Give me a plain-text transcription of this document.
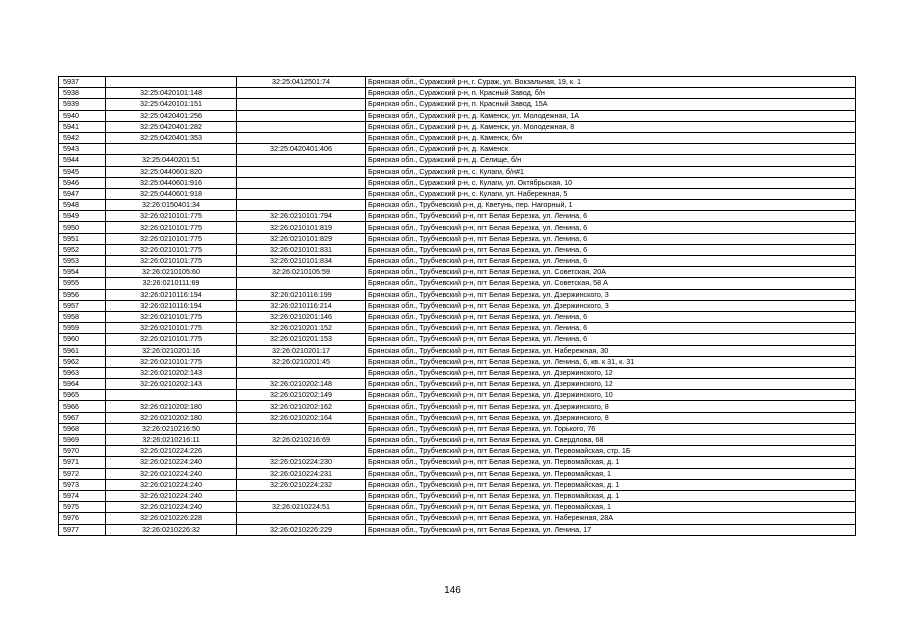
5937		32:25:0412501:74	Брянская обл., Суражский р-н, г. Сураж, ул. Вокзальная, 19, к. 1
5938	32:25:0420101:148		Брянская обл., Суражский р-н, п. Красный Завод, б/н
5939	32:25:0420101:151		Брянская обл., Суражский р-н, п. Красный Завод, 15А
5940	32:25:0420401:256		Брянская обл., Суражский р-н, д. Каменск, ул. Молодежная, 1А
5941	32:25:0420401:282		Брянская обл., Суражский р-н, д. Каменск, ул. Молодежная, 8
5942	32:25:0420401:353		Брянская обл., Суражский р-н, д. Каменск, б/н
5943		32:25:0420401:406	Брянская обл., Суражский р-н, д. Каменск
5944	32:25:0440201:51		Брянская обл., Суражский р-н, д. Селище, б/н
5945	32:25:0440601:820		Брянская обл., Суражский р-н, с. Кулаги, б/н#1
5946	32:25:0440601:916		Брянская обл., Суражский р-н, с. Кулаги, ул. Октябрьская, 10
5947	32:25:0440601:918		Брянская обл., Суражский р-н, с. Кулаги, ул. Набережная, 5
5948	32:26:0150401:34		Брянская обл., Трубчевский р-н, д. Кветунь, пер. Нагорный, 1
5949	32:26:0210101:775	32:26:0210101:794	Брянская обл., Трубчевский р-н, пгт Белая Березка, ул. Ленина, 6
5950	32:26:0210101:775	32:26:0210101:819	Брянская обл., Трубчевский р-н, пгт Белая Березка, ул. Ленина, 6
5951	32:26:0210101:775	32:26:0210101:829	Брянская обл., Трубчевский р-н, пгт Белая Березка, ул. Ленина, 6
5952	32:26:0210101:775	32:26:0210101:831	Брянская обл., Трубчевский р-н, пгт Белая Березка, ул. Ленина, 6
5953	32:26:0210101:775	32:26:0210101:834	Брянская обл., Трубчевский р-н, пгт Белая Березка, ул. Ленина, 6
5954	32:26:0210105:60	32:26:0210105:59	Брянская обл., Трубчевский р-н, пгт Белая Березка, ул. Советская, 20А
5955	32:26:0210111:69		Брянская обл., Трубчевский р-н, пгт Белая Березка, ул. Советская, 58 А
5956	32:26:0210116:194	32:26:0210116:199	Брянская обл., Трубчевский р-н, пгт Белая Березка, ул. Дзержинского, 3
5957	32:26:0210116:194	32:26:0210116:214	Брянская обл., Трубчевский р-н, пгт Белая Березка, ул. Дзержинского, 3
5958	32:26:0210101:775	32:26:0210201:146	Брянская обл., Трубчевский р-н, пгт Белая Березка, ул. Ленина, 6
5959	32:26:0210101:775	32:26:0210201:152	Брянская обл., Трубчевский р-н, пгт Белая Березка, ул. Ленина, 6
5960	32:26:0210101:775	32:26:0210201:153	Брянская обл., Трубчевский р-н, пгт Белая Березка, ул. Ленина, 6
5961	32:26:0210201:16	32:26:0210201:17	Брянская обл., Трубчевский р-н, пгт Белая Березка, ул. Набережная, 30
5962	32:26:0210101:775	32:26:0210201:45	Брянская обл., Трубчевский р-н, пгт Белая Березка, ул. Ленина, 6, кв. к 31, к. 31
5963	32:26:0210202:143		Брянская обл., Трубчевский р-н, пгт Белая Березка, ул. Дзержинского, 12
5964	32:26:0210202:143	32:26:0210202:148	Брянская обл., Трубчевский р-н, пгт Белая Березка, ул. Дзержинского, 12
5965		32:26:0210202:149	Брянская обл., Трубчевский р-н, пгт Белая Березка, ул. Дзержинского, 10
5966	32:26:0210202:180	32:26:0210202:162	Брянская обл., Трубчевский р-н, пгт Белая Березка, ул. Дзержинского, 8
5967	32:26:0210202:180	32:26:0210202:164	Брянская обл., Трубчевский р-н, пгт Белая Березка, ул. Дзержинского, 8
5968	32:26:0210216:50		Брянская обл., Трубчевский р-н, пгт Белая Березка, ул. Горького, 76
5969	32:26:0210216:11	32:26:0210216:69	Брянская обл., Трубчевский р-н, пгт Белая Березка, ул. Свердлова, 68
5970	32:26:0210224:226		Брянская обл., Трубчевский р-н, пгт Белая Березка, ул. Первомайская, стр. 1Б
5971	32:26:0210224:240	32:26:0210224:230	Брянская обл., Трубчевский р-н, пгт Белая Березка, ул. Первомайская, д. 1
5972	32:26:0210224:240	32:26:0210224:231	Брянская обл., Трубчевский р-н, пгт Белая Березка, ул. Первомайская, 1
5973	32:26:0210224:240	32:26:0210224:232	Брянская обл., Трубчевский р-н, пгт Белая Березка, ул. Первомайская, д. 1
5974	32:26:0210224:240		Брянская обл., Трубчевский р-н, пгт Белая Березка, ул. Первомайская, д. 1
5975	32:26:0210224:240	32:26:0210224:51	Брянская обл., Трубчевский р-н, пгт Белая Березка, ул. Первомайская, 1
5976	32:26:0210226:228		Брянская обл., Трубчевский р-н, пгт Белая Березка, ул. Набережная, 28А
5977	32:26:0210226:32	32:26:0210226:229	Брянская обл., Трубчевский р-н, пгт Белая Березка, ул. Ленина, 17
146
